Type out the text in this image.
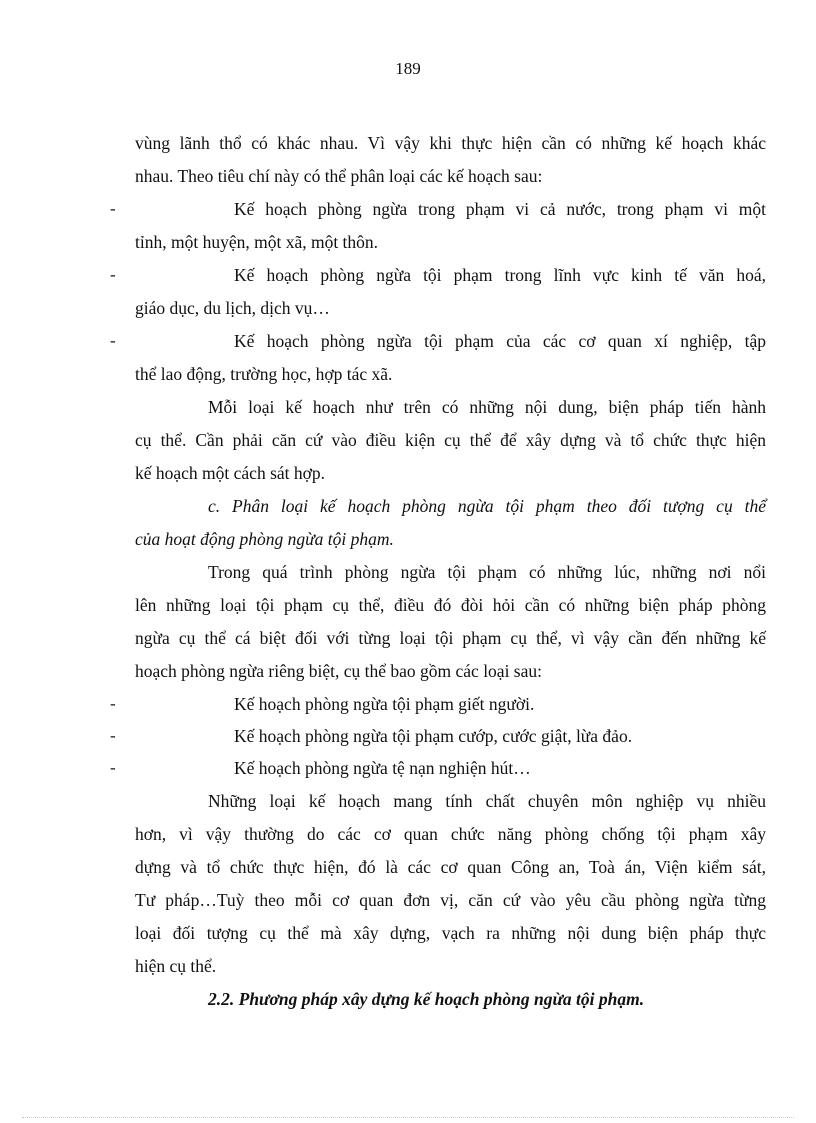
189
vùng lãnh thổ có khác nhau. Vì vậy khi thực hiện cần có những kế hoạch khác
nhau. Theo tiêu chí này có thể phân loại các kế hoạch sau:
-	Kế hoạch phòng ngừa trong phạm vi cả nước, trong phạm vi một
tỉnh, một huyện, một xã, một thôn.
-	Kế hoạch phòng ngừa tội phạm trong lĩnh vực kinh tế văn hoá,
giáo dục, du lịch, dịch vụ…
-	Kế hoạch phòng ngừa tội phạm của các cơ quan xí nghiệp, tập
thể lao động, trường học, hợp tác xã.
Mỗi loại kế hoạch như trên có những nội dung, biện pháp tiến hành
cụ thể. Cần phải căn cứ vào điều kiện cụ thể để xây dựng và tổ chức thực hiện
kế hoạch một cách sát hợp.
c. Phân loại kế hoạch phòng ngừa tội phạm theo đối tượng cụ thể
của hoạt động phòng ngừa tội phạm.
Trong quá trình phòng ngừa tội phạm có những lúc, những nơi nổi
lên những loại tội phạm cụ thể, điều đó đòi hỏi cần có những biện pháp phòng
ngừa cụ thể cá biệt đối với từng loại tội phạm cụ thể, vì vậy cần đến những kế
hoạch phòng ngừa riêng biệt, cụ thể bao gồm các loại sau:
-	Kế hoạch phòng ngừa tội phạm giết người.
-	Kế hoạch phòng ngừa tội phạm cướp, cước giật, lừa đảo.
-	Kế hoạch phòng ngừa tệ nạn nghiện hút…
Những loại kế hoạch mang tính chất chuyên môn nghiệp vụ nhiều
hơn, vì vậy thường do các cơ quan chức năng phòng chống tội phạm xây
dựng và tổ chức thực hiện, đó là các cơ quan Công an, Toà án, Viện kiểm sát,
Tư pháp…Tuỳ theo mỗi cơ quan đơn vị, căn cứ vào yêu cầu phòng ngừa từng
loại đối tượng cụ thể mà xây dựng, vạch ra những nội dung biện pháp thực
hiện cụ thể.
2.2. Phương pháp xây dựng kế hoạch phòng ngừa tội phạm.
